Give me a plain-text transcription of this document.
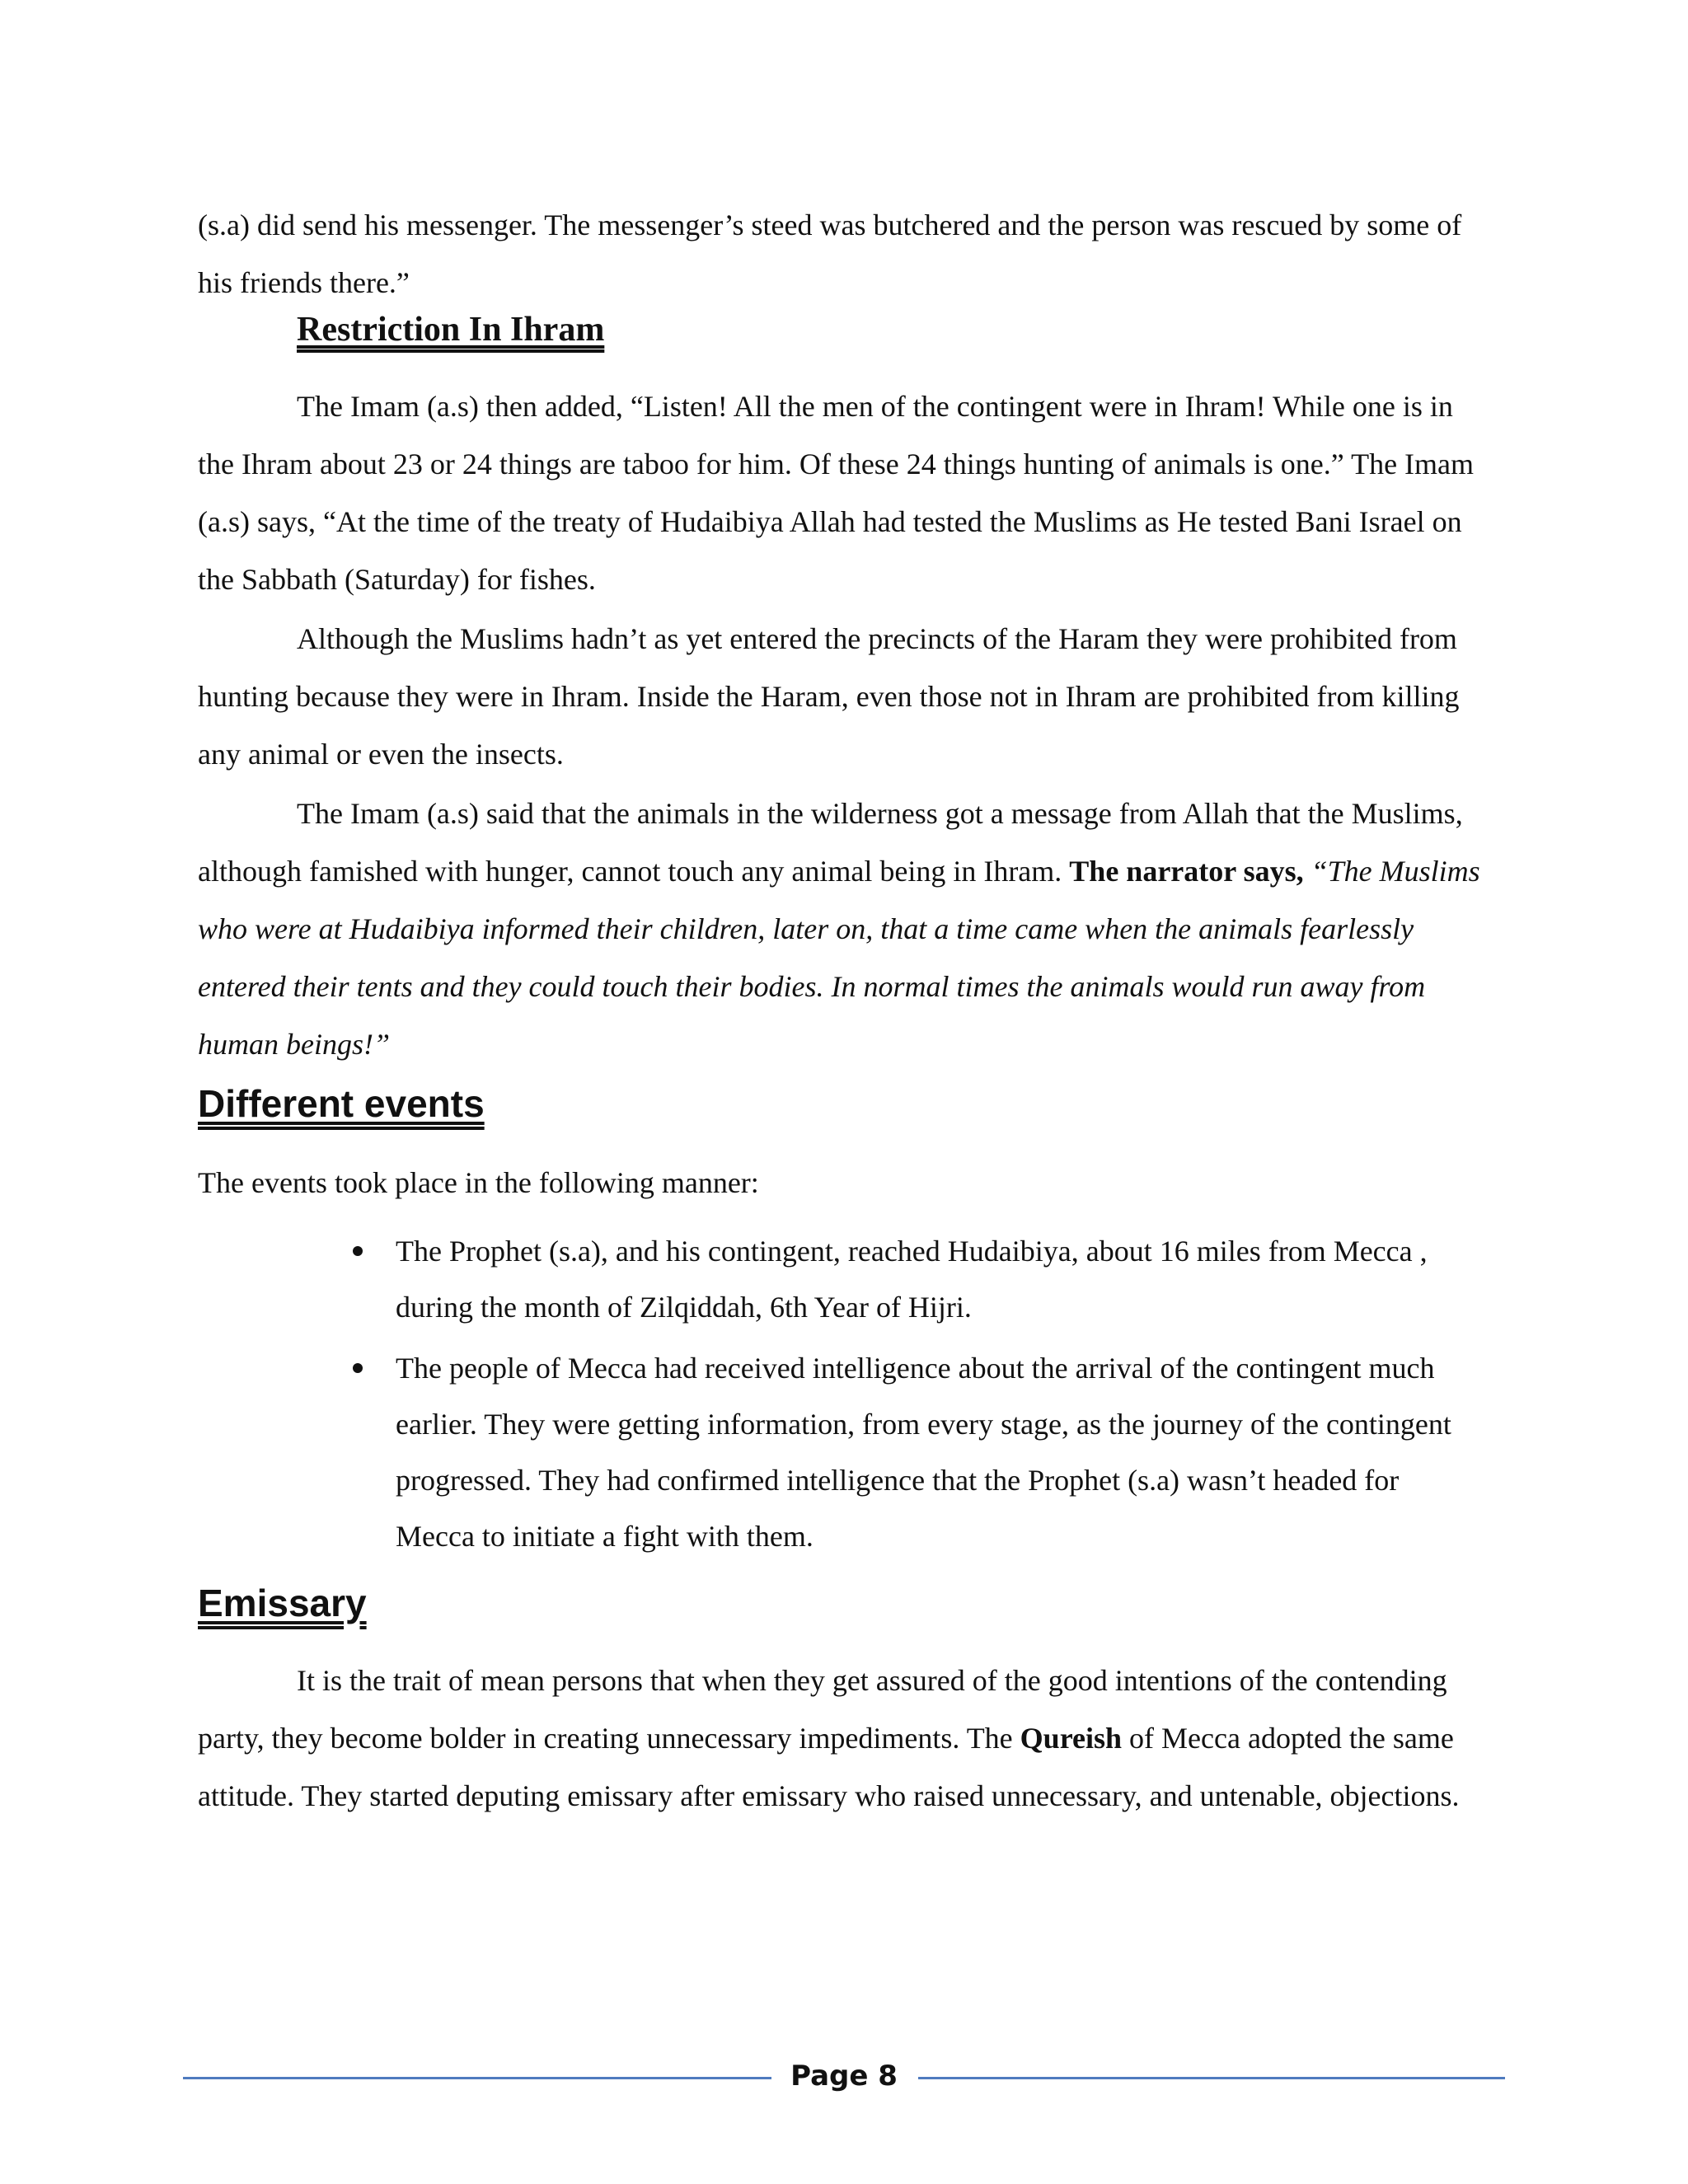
(s.a) did send his messenger. The messenger’s steed was butchered and the person was rescued by some of his friends there.”
Restriction In Ihram
The Imam (a.s) then added, “Listen! All the men of the contingent were in Ihram! While one is in the Ihram about 23 or 24 things are taboo for him. Of these 24 things hunting of animals is one.” The Imam (a.s) says, “At the time of the treaty of Hudaibiya Allah had tested the Muslims as He tested Bani Israel on the Sabbath (Saturday) for fishes.
Although the Muslims hadn’t as yet entered the precincts of the Haram they were prohibited from hunting because they were in Ihram. Inside the Haram, even those not in Ihram are prohibited from killing any animal or even the insects.
The Imam (a.s) said that the animals in the wilderness got a message from Allah that the Muslims, although famished with hunger, cannot touch any animal being in Ihram. The narrator says, “The Muslims who were at Hudaibiya informed their children, later on, that a time came when the animals fearlessly entered their tents and they could touch their bodies. In normal times the animals would run away from human beings!”
Different events
The events took place in the following manner:
The Prophet (s.a), and his contingent, reached Hudaibiya, about 16 miles from Mecca , during the month of Zilqiddah, 6th Year of Hijri.
The people of Mecca had received intelligence about the arrival of the contingent much earlier. They were getting information, from every stage, as the journey of the contingent progressed. They had confirmed intelligence that the Prophet (s.a) wasn’t headed for Mecca to initiate a fight with them.
Emissary
It is the trait of mean persons that when they get assured of the good intentions of the contending party, they become bolder in creating unnecessary impediments. The Qureish of Mecca adopted the same attitude. They started deputing emissary after emissary who raised unnecessary, and untenable, objections.
Page 8
